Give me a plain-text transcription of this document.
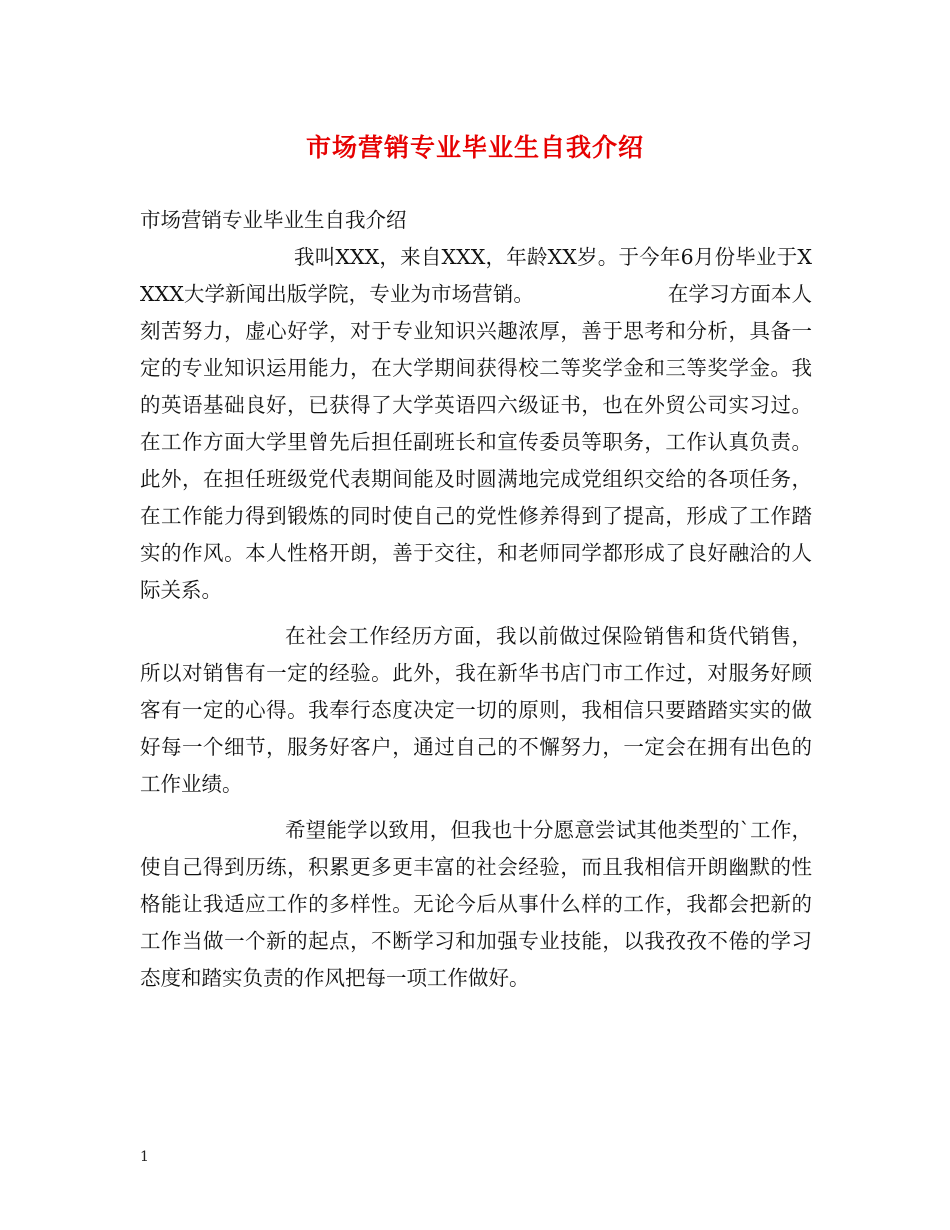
市场营销专业毕业生自我介绍

市场营销专业毕业生自我介绍

我叫XXX，来自XXX，年龄XX岁。于今年6月份毕业于XXXX大学新闻出版学院，专业为市场营销。　　　　　　　在学习方面本人刻苦努力，虚心好学，对于专业知识兴趣浓厚，善于思考和分析，具备一定的专业知识运用能力，在大学期间获得校二等奖学金和三等奖学金。我的英语基础良好，已获得了大学英语四六级证书，也在外贸公司实习过。在工作方面大学里曾先后担任副班长和宣传委员等职务，工作认真负责。此外，在担任班级党代表期间能及时圆满地完成党组织交给的各项任务，在工作能力得到锻炼的同时使自己的党性修养得到了提高，形成了工作踏实的作风。本人性格开朗，善于交往，和老师同学都形成了良好融洽的人际关系。

在社会工作经历方面，我以前做过保险销售和货代销售，所以对销售有一定的经验。此外，我在新华书店门市工作过，对服务好顾客有一定的心得。我奉行态度决定一切的原则，我相信只要踏踏实实的做好每一个细节，服务好客户，通过自己的不懈努力，一定会在拥有出色的工作业绩。

希望能学以致用，但我也十分愿意尝试其他类型的`工作，使自己得到历练，积累更多更丰富的社会经验，而且我相信开朗幽默的性格能让我适应工作的多样性。无论今后从事什么样的工作，我都会把新的工作当做一个新的起点，不断学习和加强专业技能，以我孜孜不倦的学习态度和踏实负责的作风把每一项工作做好。

1
